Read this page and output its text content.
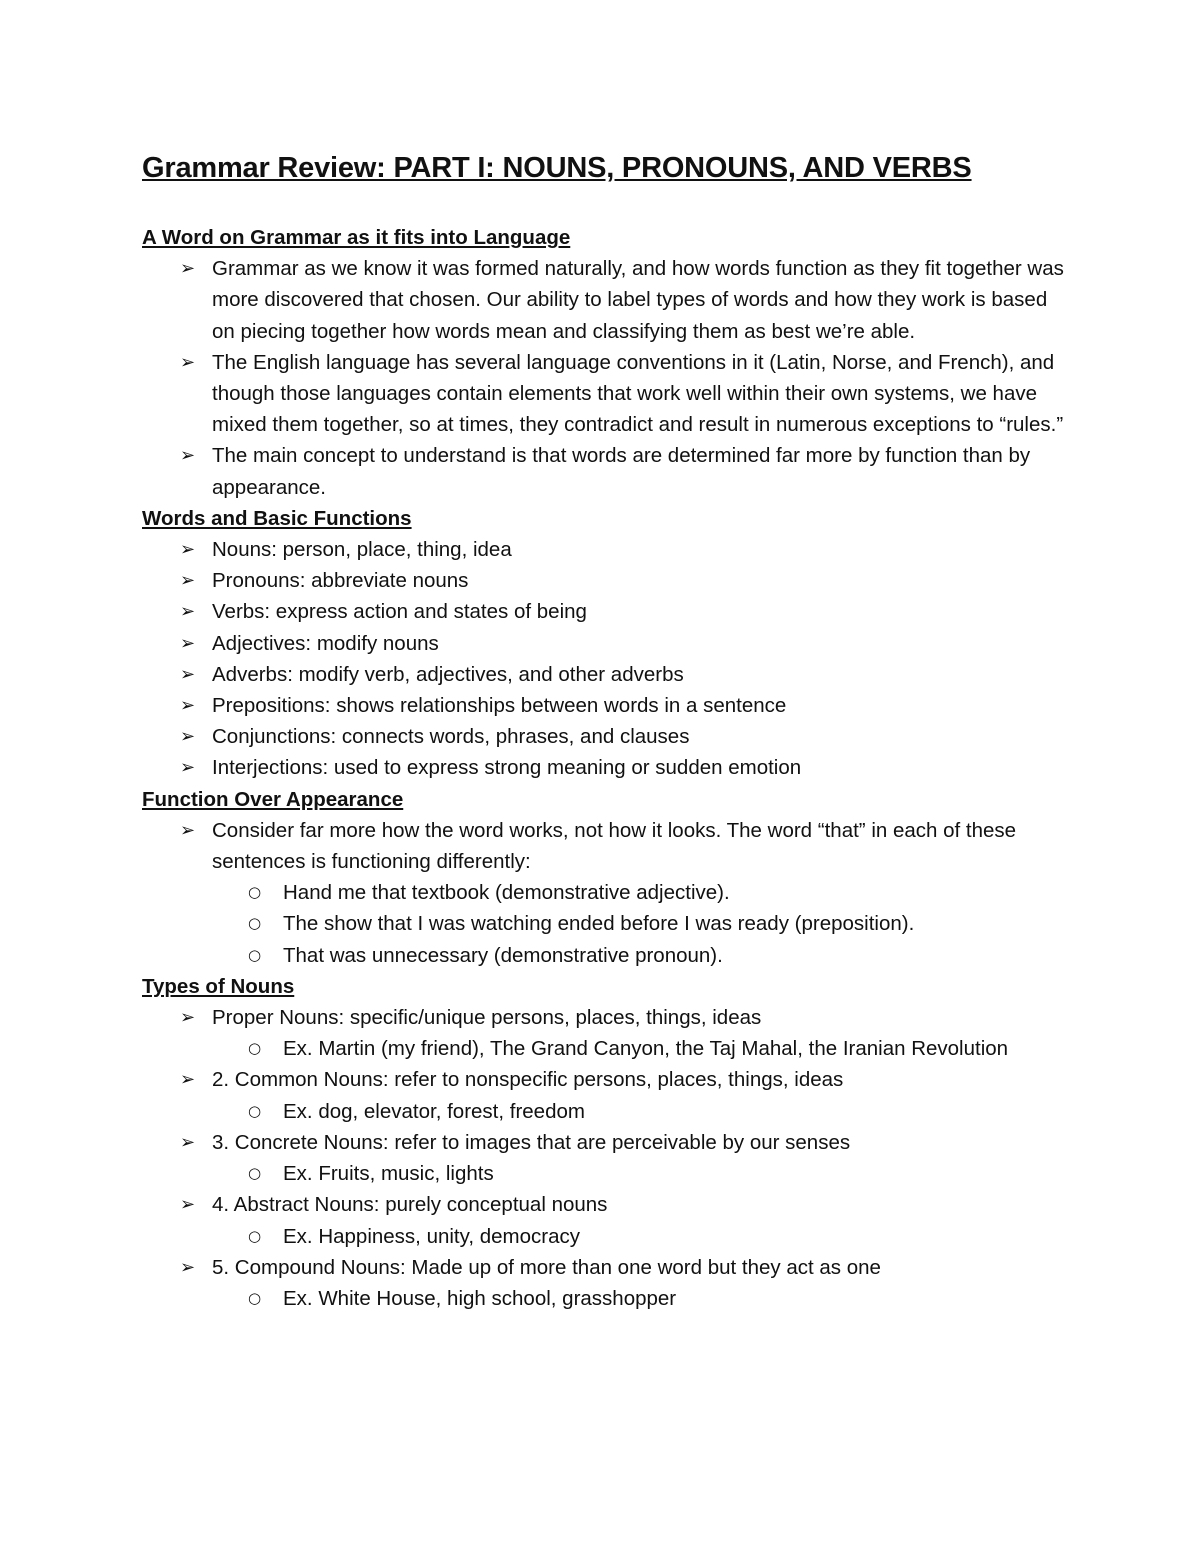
Grammar Review: PART I: NOUNS, PRONOUNS, AND VERBS
A Word on Grammar as it fits into Language
➢ Grammar as we know it was formed naturally, and how words function as they fit together was more discovered that chosen. Our ability to label types of words and how they work is based on piecing together how words mean and classifying them as best we’re able.
➢ The English language has several language conventions in it (Latin, Norse, and French), and though those languages contain elements that work well within their own systems, we have mixed them together, so at times, they contradict and result in numerous exceptions to “rules.”
➢ The main concept to understand is that words are determined far more by function than by appearance.
Words and Basic Functions
➢ Nouns: person, place, thing, idea
➢ Pronouns: abbreviate nouns
➢ Verbs: express action and states of being
➢ Adjectives: modify nouns
➢ Adverbs: modify verb, adjectives, and other adverbs
➢ Prepositions: shows relationships between words in a sentence
➢ Conjunctions: connects words, phrases, and clauses
➢ Interjections: used to express strong meaning or sudden emotion
Function Over Appearance
➢ Consider far more how the word works, not how it looks. The word “that” in each of these sentences is functioning differently:
○ Hand me that textbook (demonstrative adjective).
○ The show that I was watching ended before I was ready (preposition).
○ That was unnecessary (demonstrative pronoun).
Types of Nouns
➢ Proper Nouns: specific/unique persons, places, things, ideas
○ Ex. Martin (my friend), The Grand Canyon, the Taj Mahal, the Iranian Revolution
➢ 2. Common Nouns: refer to nonspecific persons, places, things, ideas
○ Ex. dog, elevator, forest, freedom
➢ 3. Concrete Nouns: refer to images that are perceivable by our senses
○ Ex. Fruits, music, lights
➢ 4. Abstract Nouns: purely conceptual nouns
○ Ex. Happiness, unity, democracy
➢ 5. Compound Nouns: Made up of more than one word but they act as one
○ Ex. White House, high school, grasshopper
